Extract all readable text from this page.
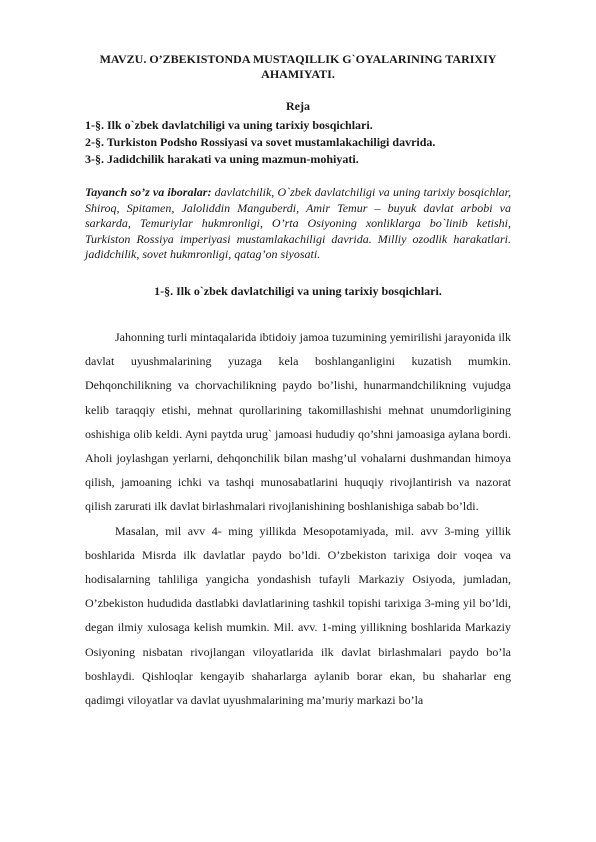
MAVZU. O’ZBEKISTONDA MUSTAQILLIK G`OYALARINING TARIXIY AHAMIYATI.
Reja

1-§. Ilk o`zbek davlatchiligi va uning tarixiy bosqichlari.

2-§. Turkiston Podsho Rossiyasi va sovet mustamlakachiligi davrida.

3-§. Jadidchilik harakati va uning mazmun-mohiyati.

Tayanch so’z va iboralar: davlatchilik, O`zbek davlatchiligi va uning tarixiy bosqichlar, Shiroq, Spitamen, Jaloliddin Manguberdi, Amir Temur – buyuk davlat arbobi va sarkarda, Temuriylar hukmronligi, O’rta Osiyoning xonliklarga bo`linib ketishi, Turkiston Rossiya imperiyasi mustamlakachiligi davrida. Milliy ozodlik harakatlari. jadidchilik, sovet hukmronligi, qatag’on siyosati.
1-§. Ilk o`zbek davlatchiligi va uning tarixiy bosqichlari.

Jahonning turli mintaqalarida ibtidoiy jamoa tuzumining yemirilishi jarayonida ilk davlat uyushmalarining yuzaga kela boshlanganligini kuzatish mumkin. Dehqonchilikning va chorvachilikning paydo bo’lishi, hunarmandchilikning vujudga kelib taraqqiy etishi, mehnat qurollarining takomillashishi mehnat unumdorligining oshishiga olib keldi. Ayni paytda urug` jamoasi hududiy qo’shni jamoasiga aylana bordi. Aholi joylashgan yerlarni, dehqonchilik bilan mashg’ul vohalarni dushmandan himoya qilish, jamoaning ichki va tashqi munosabatlarini huquqiy rivojlantirish va nazorat qilish zarurati ilk davlat birlashmalari rivojlanishining boshlanishiga sabab bo’ldi.

Masalan, mil avv 4- ming yillikda Mesopotamiyada, mil. avv 3-ming yillik boshlarida Misrda ilk davlatlar paydo bo’ldi. O’zbekiston tarixiga doir voqea va hodisalarning tahliliga yangicha yondashish tufayli Markaziy Osiyoda, jumladan, O’zbekiston hududida dastlabki davlatlarining tashkil topishi tarixiga 3-ming yil bo’ldi, degan ilmiy xulosaga kelish mumkin. Mil. avv. 1-ming yillikning boshlarida Markaziy Osiyoning nisbatan rivojlangan viloyatlarida ilk davlat birlashmalari paydo bo’la boshlaydi. Qishloqlar kengayib shaharlarga aylanib borar ekan, bu shaharlar eng qadimgi viloyatlar va davlat uyushmalarining ma’muriy markazi bo’la
